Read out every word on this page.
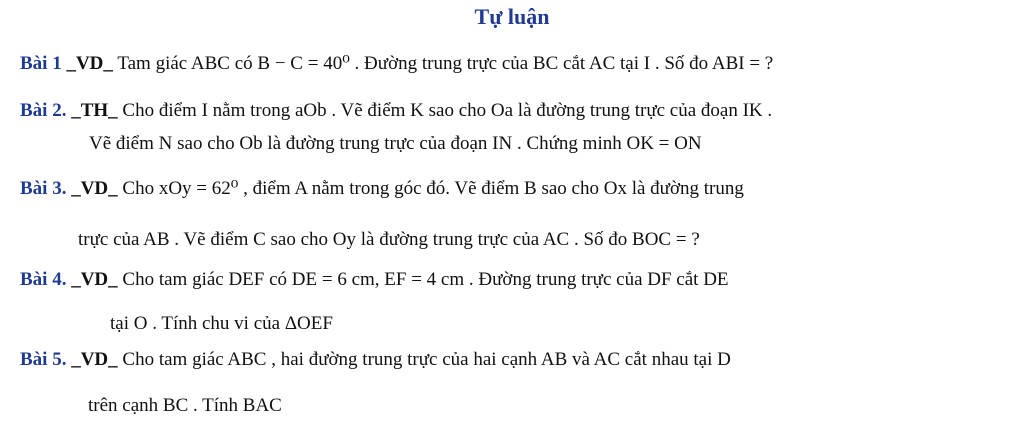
Tự luận
Bài 1 _VD_ Tam giác ABC có B − C = 40⁰ . Đường trung trực của BC cắt AC tại I . Số đo ABI = ?
Bài 2. _TH_ Cho điểm I nằm trong aOb . Vẽ điểm K sao cho Oa là đường trung trực của đoạn IK .
Vẽ điểm N sao cho Ob là đường trung trực của đoạn IN . Chứng minh OK = ON
Bài 3. _VD_ Cho xOy = 62⁰ , điểm A nằm trong góc đó. Vẽ điểm B sao cho Ox là đường trung
trực của AB . Vẽ điểm C sao cho Oy là đường trung trực của AC . Số đo BOC = ?
Bài 4. _VD_ Cho tam giác DEF có DE = 6 cm, EF = 4 cm . Đường trung trực của DF cắt DE
tại O . Tính chu vi của ΔOEF
Bài 5. _VD_ Cho tam giác ABC , hai đường trung trực của hai cạnh AB và AC cắt nhau tại D
trên cạnh BC . Tính BAC
